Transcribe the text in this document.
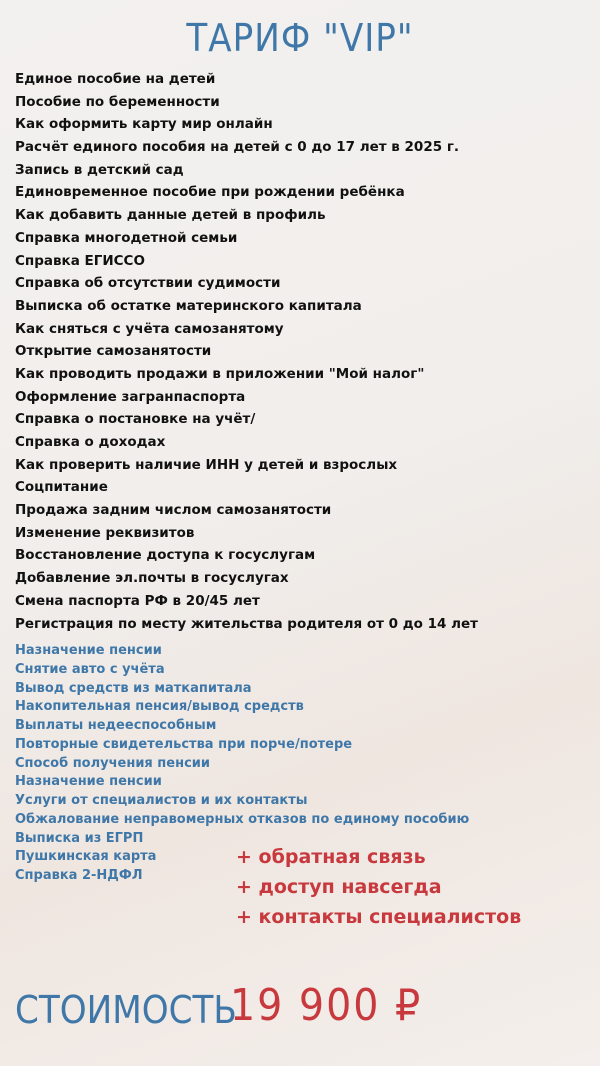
ТАРИФ "VIP"
Единое пособие на детей
Пособие по беременности
Как оформить карту мир онлайн
Расчёт единого пособия на детей с 0 до 17 лет в 2025 г.
Запись в детский сад
Единовременное пособие при рождении ребёнка
Как добавить данные детей в профиль
Справка многодетной семьи
Справка ЕГИССО
Справка об отсутствии судимости
Выписка об остатке материнского капитала
Как сняться с учёта самозанятому
Открытие самозанятости
Как проводить продажи в приложении "Мой налог"
Оформление загранпаспорта
Справка о постановке на учёт/
Справка о доходах
Как проверить наличие ИНН у детей и взрослых
Соцпитание
Продажа задним числом самозанятости
Изменение реквизитов
Восстановление доступа к госуслугам
Добавление эл.почты в госуслугах
Смена паспорта РФ в 20/45 лет
Регистрация по месту жительства родителя от 0 до 14 лет
Назначение пенсии
Снятие авто с учёта
Вывод средств из маткапитала
Накопительная пенсия/вывод средств
Выплаты недееспособным
Повторные свидетельства при порче/потере
Способ получения пенсии
Назначение пенсии
Услуги от специалистов и их контакты
Обжалование неправомерных отказов по единому пособию
Выписка из ЕГРП
Пушкинская карта
Справка 2-НДФЛ
+ обратная связь
+ доступ навсегда
+ контакты специалистов
СТОИМОСТЬ
19 900 ₽
